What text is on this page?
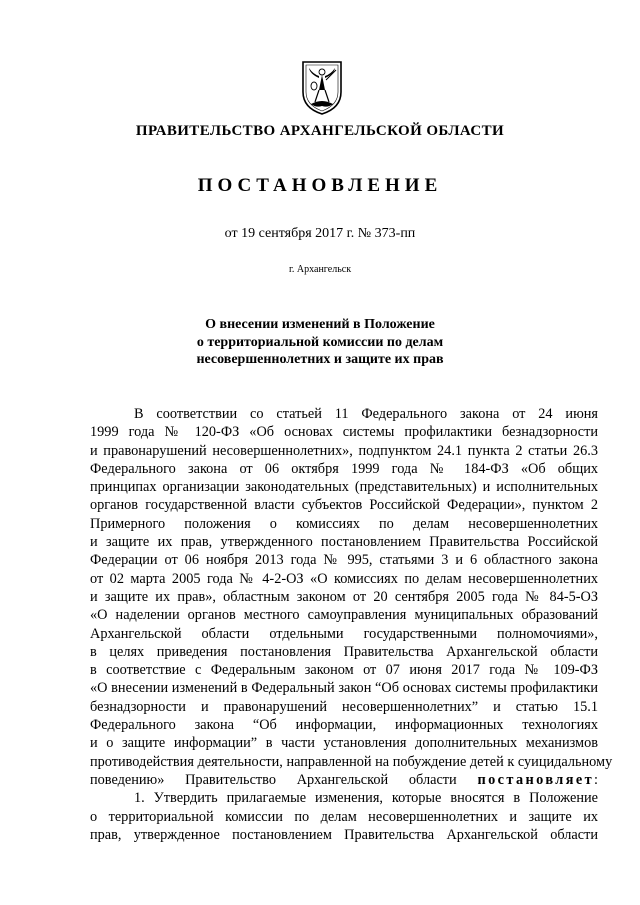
ПРАВИТЕЛЬСТВО АРХАНГЕЛЬСКОЙ ОБЛАСТИ
ПОСТАНОВЛЕНИЕ
от 19 сентября 2017 г. № 373-пп
г. Архангельск
О внесении изменений в Положение
о территориальной комиссии по делам
несовершеннолетних и защите их прав
В соответствии со статьей 11 Федерального закона от 24 июня
1999 года № 120-ФЗ «Об основах системы профилактики безнадзорности
и правонарушений несовершеннолетних», подпунктом 24.1 пункта 2 статьи 26.3
Федерального закона от 06 октября 1999 года № 184-ФЗ «Об общих
принципах организации законодательных (представительных) и исполнительных
органов государственной власти субъектов Российской Федерации», пунктом 2
Примерного положения о комиссиях по делам несовершеннолетних
и защите их прав, утвержденного постановлением Правительства Российской
Федерации от 06 ноября 2013 года № 995, статьями 3 и 6 областного закона
от 02 марта 2005 года № 4-2-ОЗ «О комиссиях по делам несовершеннолетних
и защите их прав», областным законом от 20 сентября 2005 года № 84-5-ОЗ
«О наделении органов местного самоуправления муниципальных образований
Архангельской области отдельными государственными полномочиями»,
в целях приведения постановления Правительства Архангельской области
в соответствие с Федеральным законом от 07 июня 2017 года № 109-ФЗ
«О внесении изменений в Федеральный закон “Об основах системы профилактики
безнадзорности и правонарушений несовершеннолетних” и статью 15.1
Федерального закона “Об информации, информационных технологиях
и о защите информации” в части установления дополнительных механизмов
противодействия деятельности, направленной на побуждение детей к суицидальному
поведению» Правительство Архангельской области постановляет:
1. Утвердить прилагаемые изменения, которые вносятся в Положение
о территориальной комиссии по делам несовершеннолетних и защите их
прав, утвержденное постановлением Правительства Архангельской области
